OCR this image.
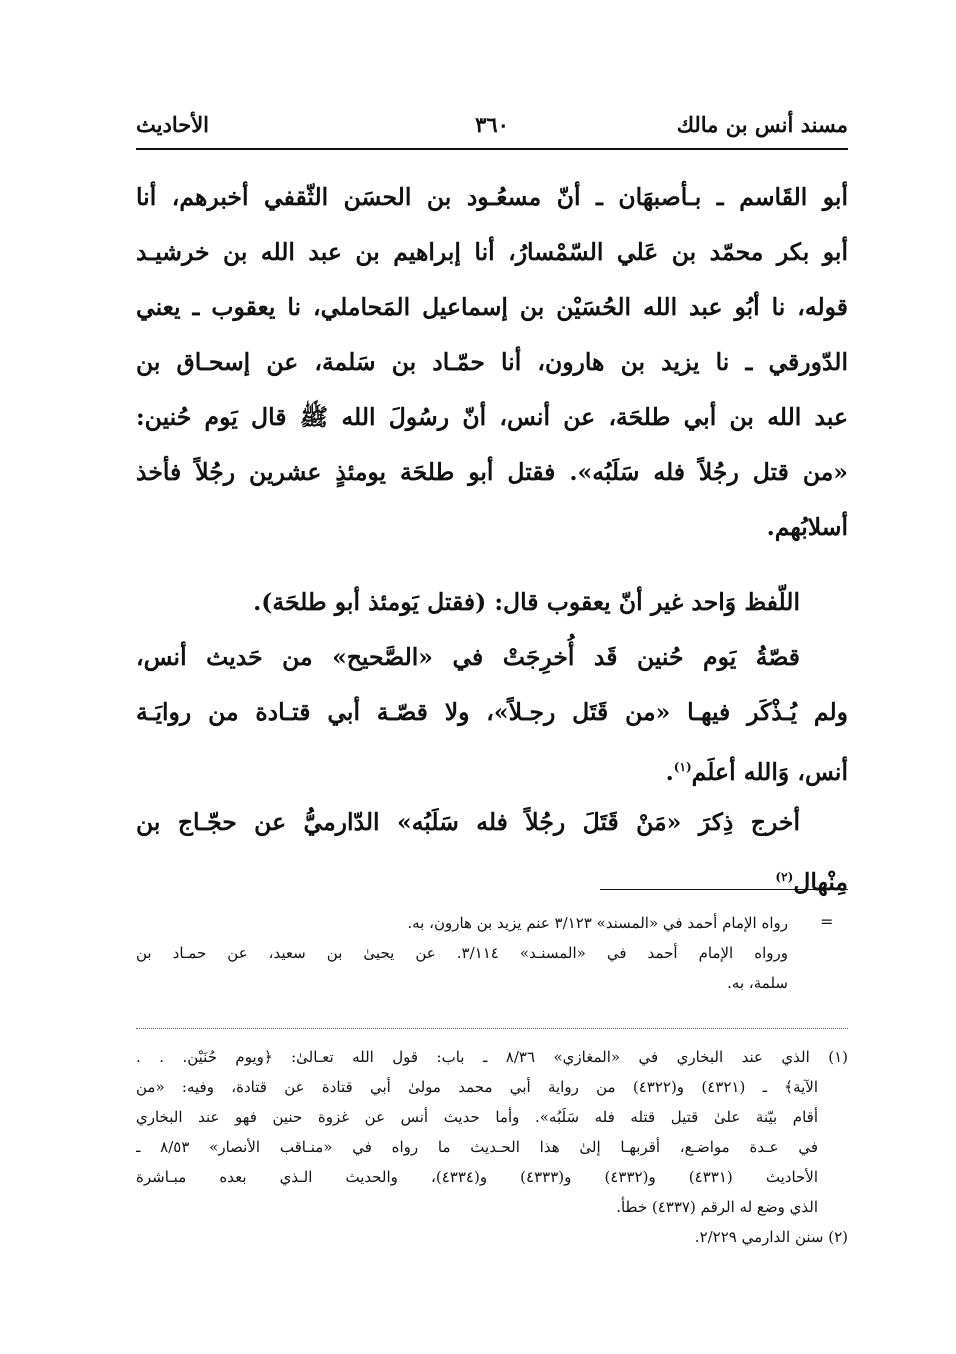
مسند أنس بن مالك
٣٦٠
الأحاديث
أبو القَاسم ـ بـأصبهَان ـ أنّ مسعُـود بن الحسَن الثّقفي أخبرهم، أنا
أبو بكر محمّد بن عَلي السّمْسارُ، أنا إبراهيم بن عبد الله بن خرشيـد
قوله، نا أبُو عبد الله الحُسَيْن بن إسماعيل المَحاملي، نا يعقوب ـ يعني
الدّورقي ـ نا يزيد بن هارون، أنا حمّـاد بن سَلمة، عن إسحـاق بن
عبد الله بن أبي طلحَة، عن أنس، أنّ رسُولَ الله ﷺ قال يَوم حُنين:
«من قتل رجُلاً فله سَلَبُه». فقتل أبو طلحَة يومئذٍ عشرين رجُلاً فأخذ
أسلابُهم.
اللّفظ وَاحد غير أنّ يعقوب قال: (فقتل يَومئذ أبو طلحَة).
قصّةُ يَوم حُنين قَد أُخرِجَتْ في «الصَّحيح» من حَديث أنس،
ولم يُـذْكَر فيهـا «من قَتَل رجـلاً»، ولا قصّـة أبي قتـادة من روايَـة
أنس، وَالله أعلَم$^{(١)}$.
أخرج ذِكرَ «مَنْ قَتَلَ رجُلاً فله سَلَبُه» الدّارميُّ عن حجّـاج بن
مِنْهال$^{(٢)}$
=
رواه الإمام أحمد في «المسند» ٣/١٢٣ عنم يزيد بن هارون، به.
ورواه الإمام أحمد في «المسنـد» ٣/١١٤. عن يحيىٰ بن سعيد، عن حمـاد بن
سلمة، به.
(١) الذي عند البخاري في «المغازي» ٨/٣٦ ـ باب: قول الله تعـالىٰ: ﴿ويوم حُنَيْن. . .
الآية﴾ ـ (٤٣٢١) و(٤٣٢٢) من رواية أبي محمد مولىٰ أبي قتادة عن قتادة، وفيه: «من
أقام بيّنة علىٰ قتيل قتله فله سَلَبُه». وأما حديث أنس عن غزوة حنين فهو عند البخاري
في عـدة مواضـع، أقربهـا إلىٰ هذا الحـديث ما رواه في «منـاقب الأنصار» ٨/٥٣ ـ
الأحاديث (٤٣٣١) و(٤٣٣٢) و(٤٣٣٣) و(٤٣٣٤)، والحديث الـذي بعده مبـاشرة
الذي وضع له الرقم (٤٣٣٧) خطأ.
(٢) سنن الدارمي ٢/٢٢٩.
